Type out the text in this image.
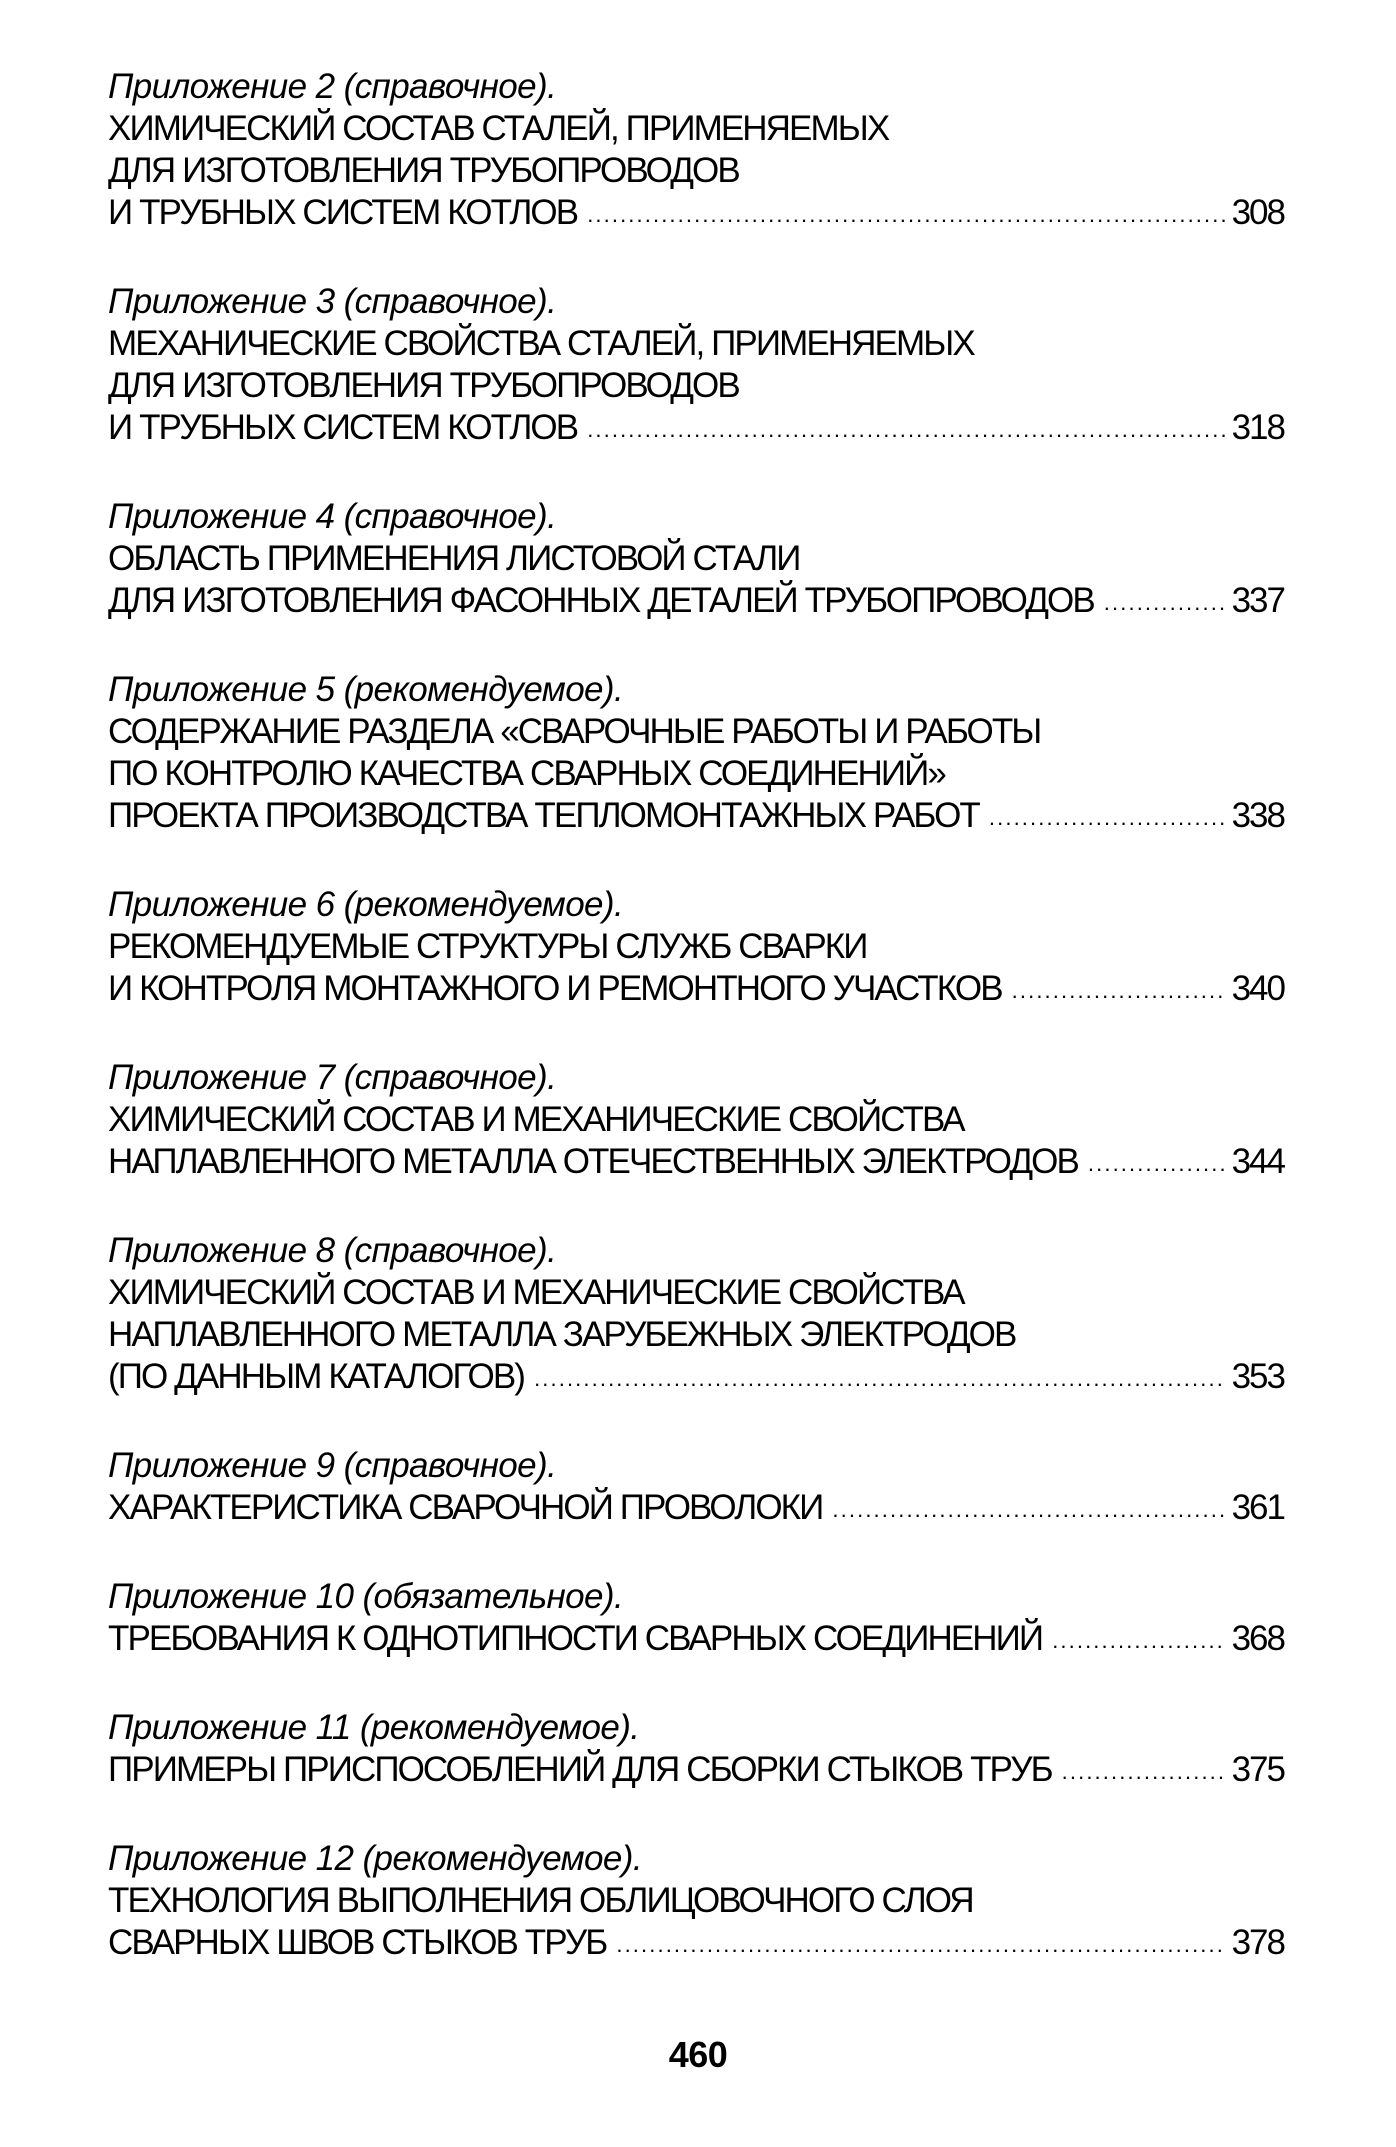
Приложение 2 (справочное).
ХИМИЧЕСКИЙ СОСТАВ СТАЛЕЙ, ПРИМЕНЯЕМЫХ
ДЛЯ ИЗГОТОВЛЕНИЯ ТРУБОПРОВОДОВ
И ТРУБНЫХ СИСТЕМ КОТЛОВ . . .	308
Приложение 3 (справочное).
МЕХАНИЧЕСКИЕ СВОЙСТВА СТАЛЕЙ, ПРИМЕНЯЕМЫХ
ДЛЯ ИЗГОТОВЛЕНИЯ ТРУБОПРОВОДОВ
И ТРУБНЫХ СИСТЕМ КОТЛОВ . . .	318
Приложение 4 (справочное).
ОБЛАСТЬ ПРИМЕНЕНИЯ ЛИСТОВОЙ СТАЛИ
ДЛЯ ИЗГОТОВЛЕНИЯ ФАСОННЫХ ДЕТАЛЕЙ ТРУБОПРОВОДОВ . . .	337
Приложение 5 (рекомендуемое).
СОДЕРЖАНИЕ РАЗДЕЛА «СВАРОЧНЫЕ РАБОТЫ И РАБОТЫ
ПО КОНТРОЛЮ КАЧЕСТВА СВАРНЫХ СОЕДИНЕНИЙ»
ПРОЕКТА ПРОИЗВОДСТВА ТЕПЛОМОНТАЖНЫХ РАБОТ . . .	338
Приложение 6 (рекомендуемое).
РЕКОМЕНДУЕМЫЕ СТРУКТУРЫ СЛУЖБ СВАРКИ
И КОНТРОЛЯ МОНТАЖНОГО И РЕМОНТНОГО УЧАСТКОВ . . .	340
Приложение 7 (справочное).
ХИМИЧЕСКИЙ СОСТАВ И МЕХАНИЧЕСКИЕ СВОЙСТВА
НАПЛАВЛЕННОГО МЕТАЛЛА ОТЕЧЕСТВЕННЫХ ЭЛЕКТРОДОВ . . .	344
Приложение 8 (справочное).
ХИМИЧЕСКИЙ СОСТАВ И МЕХАНИЧЕСКИЕ СВОЙСТВА
НАПЛАВЛЕННОГО МЕТАЛЛА ЗАРУБЕЖНЫХ ЭЛЕКТРОДОВ
(ПО ДАННЫМ КАТАЛОГОВ) . . .	353
Приложение 9 (справочное).
ХАРАКТЕРИСТИКА СВАРОЧНОЙ ПРОВОЛОКИ . . .	361
Приложение 10 (обязательное).
ТРЕБОВАНИЯ К ОДНОТИПНОСТИ СВАРНЫХ СОЕДИНЕНИЙ . . .	368
Приложение 11 (рекомендуемое).
ПРИМЕРЫ ПРИСПОСОБЛЕНИЙ ДЛЯ СБОРКИ СТЫКОВ ТРУБ . . .	375
Приложение 12 (рекомендуемое).
ТЕХНОЛОГИЯ ВЫПОЛНЕНИЯ ОБЛИЦОВОЧНОГО СЛОЯ
СВАРНЫХ ШВОВ СТЫКОВ ТРУБ . . .	378
460
